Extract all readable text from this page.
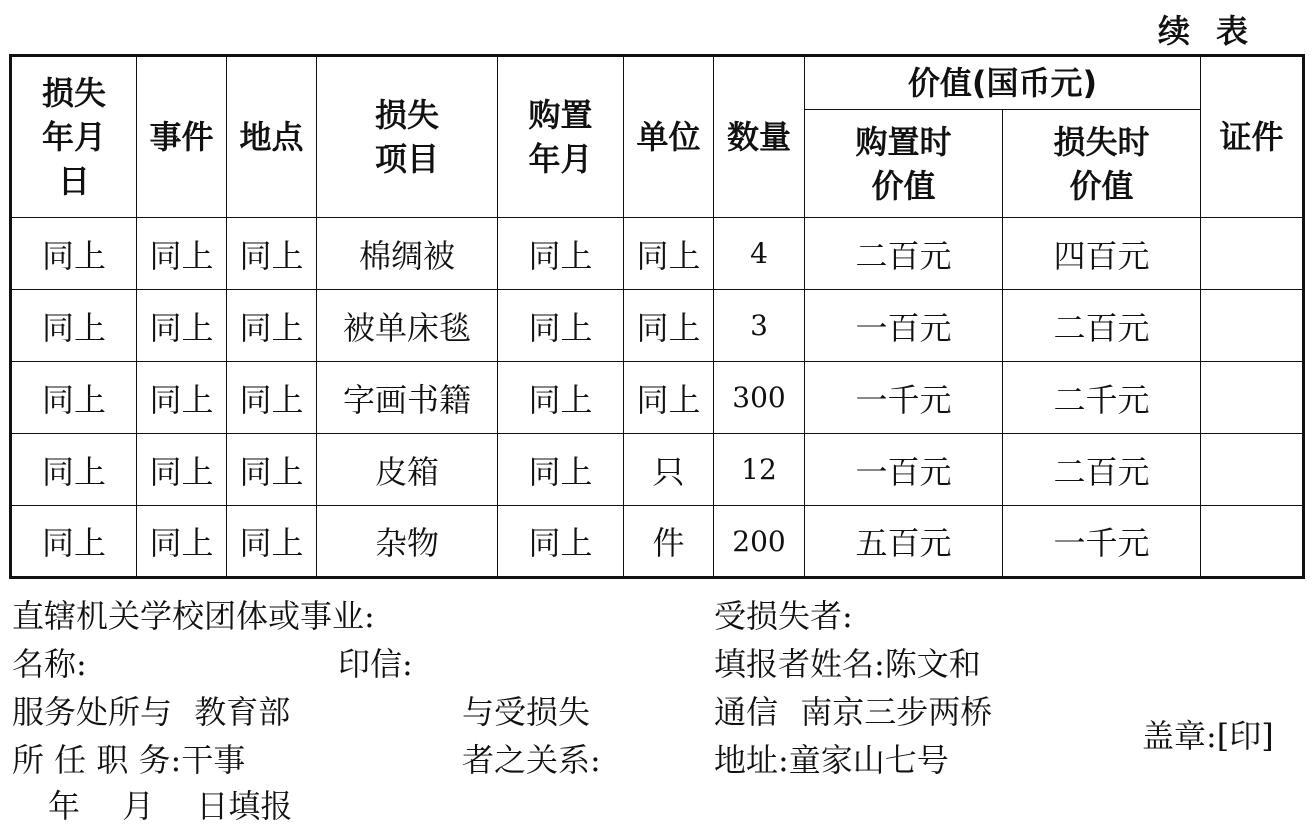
续表
损失年月日	事件	地点	损失项目	购置年月	单位	数量	价值(国币元)		证件

							购置时价值	损失时价值	

同上	同上	同上	棉绸被	同上	同上	4	二百元	四百元	
同上	同上	同上	被单床毯	同上	同上	3	一百元	二百元	
同上	同上	同上	字画书籍	同上	同上	300	一千元	二千元	
同上	同上	同上	皮箱	同上	只	12	一百元	二百元	
同上	同上	同上	杂物	同上	件	200	五百元	一千元	
直辖机关学校团体或事业:
名称:	印信:
服务处所与 教育部
所 任 职 务:干事
与受损失
者之关系:
年 月 日填报
受损失者:
填报者姓名:陈文和
通信 南京三步两桥
地址:童家山七号
盖章:[印]
